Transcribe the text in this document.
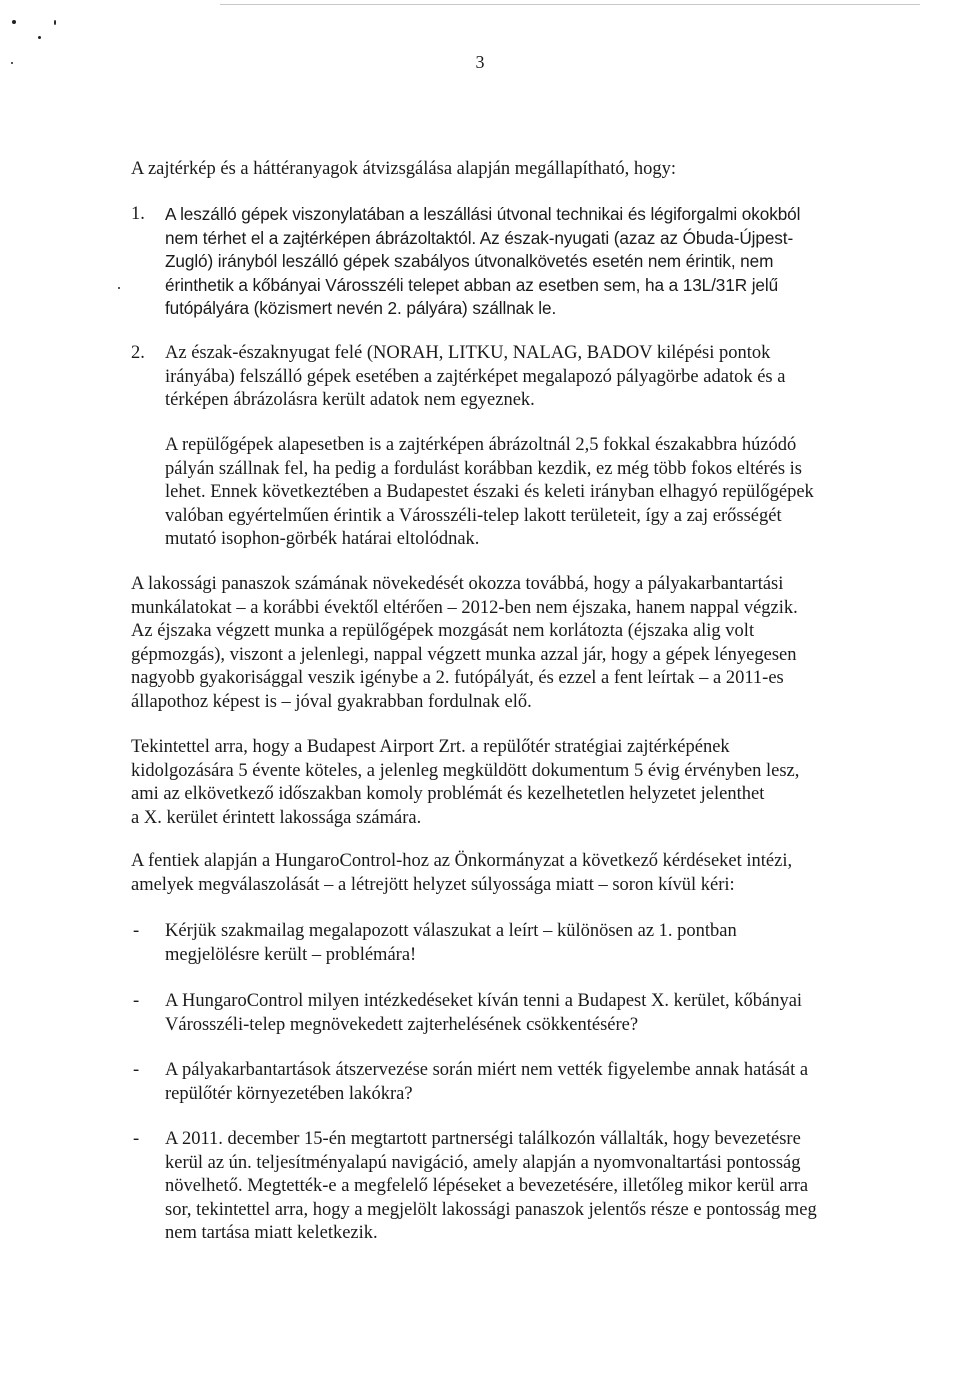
3

A zajtérkép és a háttéranyagok átvizsgálása alapján megállapítható, hogy:

1. A leszálló gépek viszonylatában a leszállási útvonal technikai és légiforgalmi okokból
nem térhet el a zajtérképen ábrázoltaktól. Az észak-nyugati (azaz az Óbuda-Újpest-
Zugló) irányból leszálló gépek szabályos útvonalkövetés esetén nem érintik, nem
érinthetik a kőbányai Városszéli telepet abban az esetben sem, ha a 13L/31R jelű
futópályára (közismert nevén 2. pályára) szállnak le.
2. Az észak-északnyugat felé (NORAH, LITKU, NALAG, BADOV kilépési pontok
irányába) felszálló gépek esetében a zajtérképet megalapozó pályagörbe adatok és a
térképen ábrázolásra került adatok nem egyeznek.
A repülőgépek alapesetben is a zajtérképen ábrázoltnál 2,5 fokkal északabbra húzódó
pályán szállnak fel, ha pedig a fordulást korábban kezdik, ez még több fokos eltérés is
lehet. Ennek következtében a Budapestet északi és keleti irányban elhagyó repülőgépek
valóban egyértelműen érintik a Városszéli-telep lakott területeit, így a zaj erősségét
mutató isophon-görbék határai eltolódnak.
A lakossági panaszok számának növekedését okozza továbbá, hogy a pályakarbantartási
munkálatokat – a korábbi évektől eltérően – 2012-ben nem éjszaka, hanem nappal végzik.
Az éjszaka végzett munka a repülőgépek mozgását nem korlátozta (éjszaka alig volt
gépmozgás), viszont a jelenlegi, nappal végzett munka azzal jár, hogy a gépek lényegesen
nagyobb gyakorisággal veszik igénybe a 2. futópályát, és ezzel a fent leírtak – a 2011-es
állapothoz képest is – jóval gyakrabban fordulnak elő.
Tekintettel arra, hogy a Budapest Airport Zrt. a repülőtér stratégiai zajtérképének
kidolgozására 5 évente köteles, a jelenleg megküldött dokumentum 5 évig érvényben lesz,
ami az elkövetkező időszakban komoly problémát és kezelhetetlen helyzetet jelenthet
a X. kerület érintett lakossága számára.
A fentiek alapján a HungaroControl-hoz az Önkormányzat a következő kérdéseket intézi,
amelyek megválaszolását – a létrejött helyzet súlyossága miatt – soron kívül kéri:
- Kérjük szakmailag megalapozott válaszukat a leírt – különösen az 1. pontban
megjelölésre került – problémára!
- A HungaroControl milyen intézkedéseket kíván tenni a Budapest X. kerület, kőbányai
Városszéli-telep megnövekedett zajterhelésének csökkentésére?
- A pályakarbantartások átszervezése során miért nem vették figyelembe annak hatását a
repülőtér környezetében lakókra?
- A 2011. december 15-én megtartott partnerségi találkozón vállalták, hogy bevezetésre
kerül az ún. teljesítményalapú navigáció, amely alapján a nyomvonaltartási pontosság
növelhető. Megtették-e a megfelelő lépéseket a bevezetésére, illetőleg mikor kerül arra
sor, tekintettel arra, hogy a megjelölt lakossági panaszok jelentős része e pontosság meg
nem tartása miatt keletkezik.
